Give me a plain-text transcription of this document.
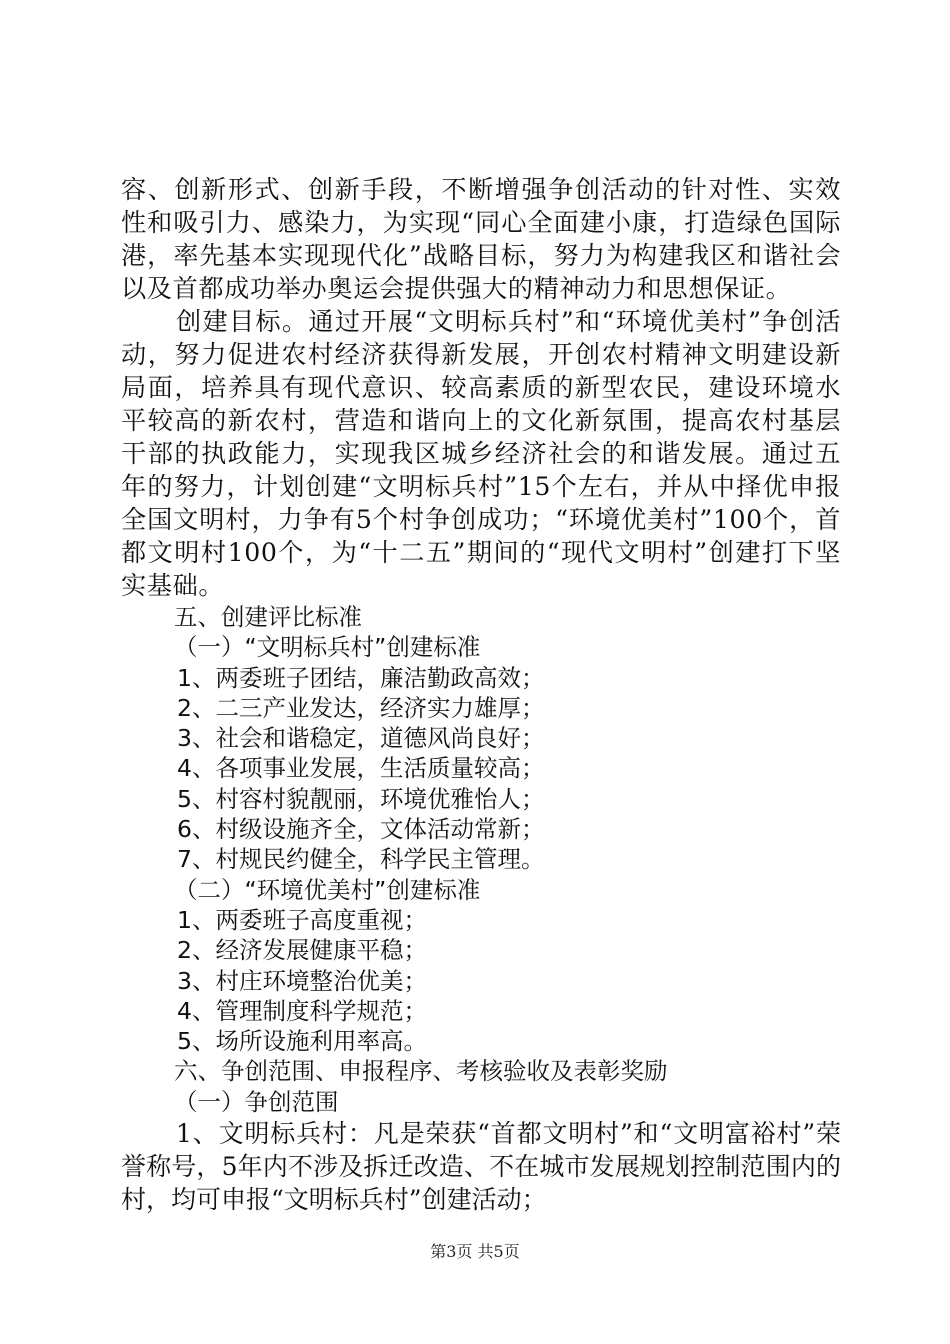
容、创新形式、创新手段，不断增强争创活动的针对性、实效性和吸引力、感染力，为实现“同心全面建小康，打造绿色国际港，率先基本实现现代化”战略目标，努力为构建我区和谐社会以及首都成功举办奥运会提供强大的精神动力和思想保证。

创建目标。通过开展“文明标兵村”和“环境优美村”争创活动，努力促进农村经济获得新发展，开创农村精神文明建设新局面，培养具有现代意识、较高素质的新型农民，建设环境水平较高的新农村，营造和谐向上的文化新氛围，提高农村基层干部的执政能力，实现我区城乡经济社会的和谐发展。通过五年的努力，计划创建“文明标兵村”15个左右，并从中择优申报全国文明村，力争有5个村争创成功；“环境优美村”100个，首都文明村100个，为“十二五”期间的“现代文明村”创建打下坚实基础。

五、创建评比标准

（一）“文明标兵村”创建标准

1、两委班子团结，廉洁勤政高效；

2、二三产业发达，经济实力雄厚；

3、社会和谐稳定，道德风尚良好；

4、各项事业发展，生活质量较高；

5、村容村貌靓丽，环境优雅怡人；

6、村级设施齐全，文体活动常新；

7、村规民约健全，科学民主管理。

（二）“环境优美村”创建标准

1、两委班子高度重视；

2、经济发展健康平稳；

3、村庄环境整治优美；

4、管理制度科学规范；

5、场所设施利用率高。

六、争创范围、申报程序、考核验收及表彰奖励

（一）争创范围

1、文明标兵村：凡是荣获“首都文明村”和“文明富裕村”荣誉称号，5年内不涉及拆迁改造、不在城市发展规划控制范围内的村，均可申报“文明标兵村”创建活动；

第3页 共5页
